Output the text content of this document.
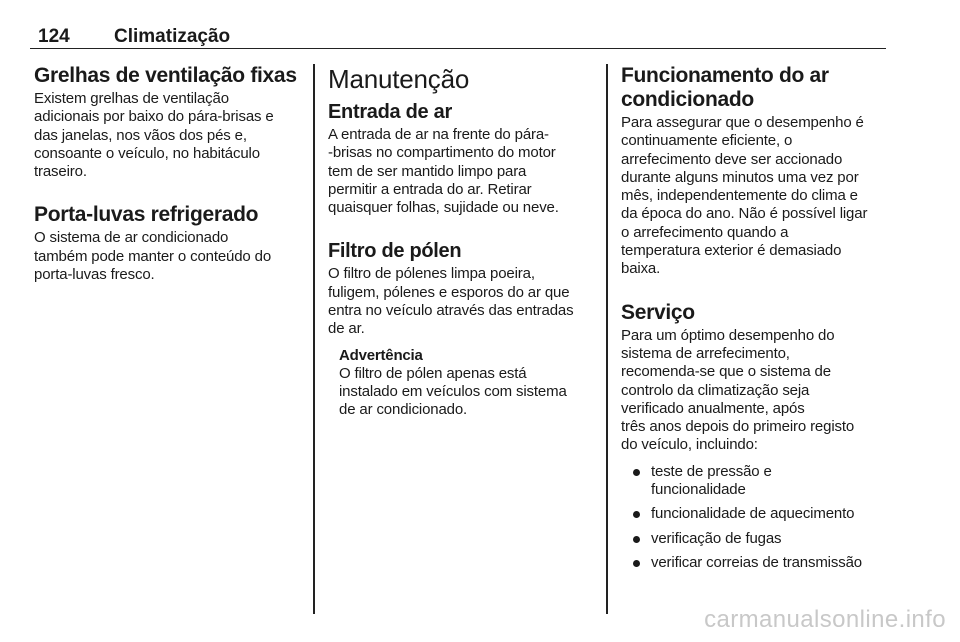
124 Climatização
Grelhas de ventilação fixas

Existem grelhas de ventilação
adicionais por baixo do pára-brisas e
das janelas, nos vãos dos pés e,
consoante o veículo, no habitáculo
traseiro.

Porta-luvas refrigerado

O sistema de ar condicionado
também pode manter o conteúdo do
porta-luvas fresco.

Manutenção
Entrada de ar

A entrada de ar na frente do pára-
-brisas no compartimento do motor
tem de ser mantido limpo para
permitir a entrada do ar. Retirar
quaisquer folhas, sujidade ou neve.

Filtro de pólen

O filtro de pólenes limpa poeira,
fuligem, pólenes e esporos do ar que
entra no veículo através das entradas
de ar.

Advertência

O filtro de pólen apenas está
instalado em veículos com sistema
de ar condicionado.

Funcionamento do ar
condicionado

Para assegurar que o desempenho é
continuamente eficiente, o
arrefecimento deve ser accionado
durante alguns minutos uma vez por
mês, independentemente do clima e
da época do ano. Não é possível ligar
o arrefecimento quando a
temperatura exterior é demasiado
baixa.

Serviço

Para um óptimo desempenho do
sistema de arrefecimento,
recomenda-se que o sistema de
controlo da climatização seja
verificado anualmente, após
três anos depois do primeiro registo
do veículo, incluindo:

teste de pressão e
funcionalidade
funcionalidade de aquecimento
verificação de fugas
verificar correias de transmissão
carmanualsonline.info
